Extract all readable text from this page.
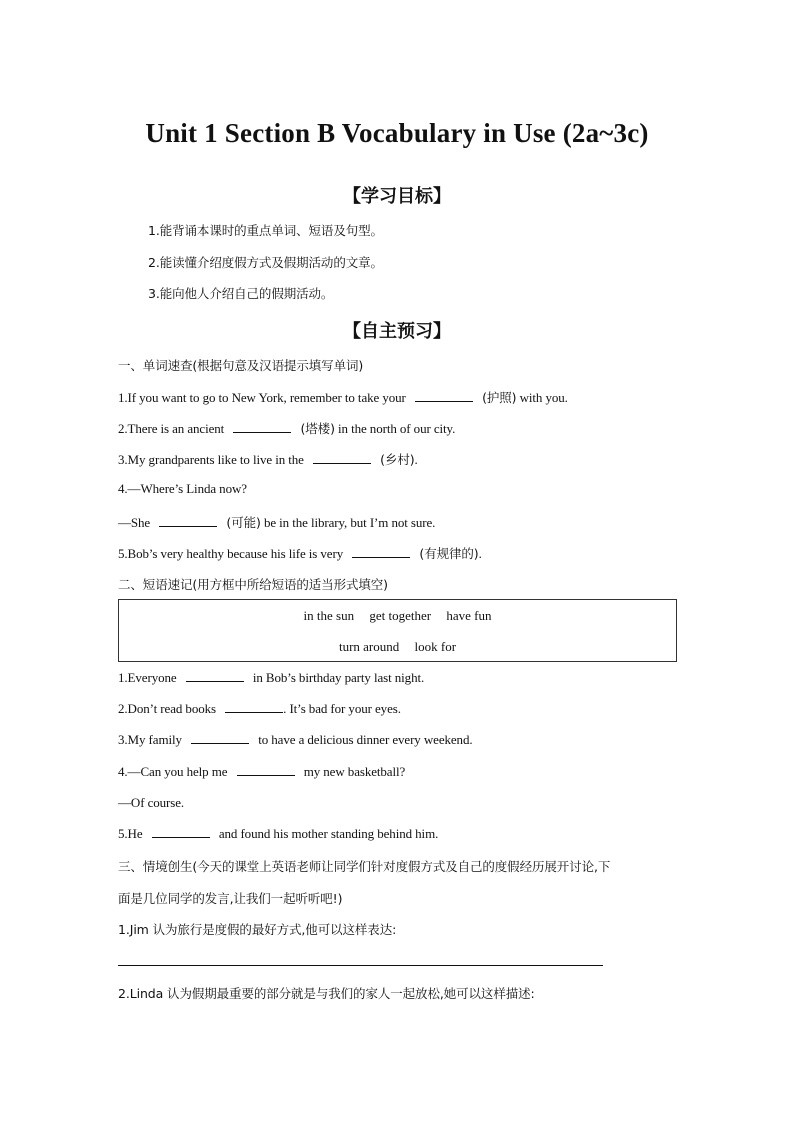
Unit 1 Section B Vocabulary in Use (2a~3c)
【学习目标】
1.能背诵本课时的重点单词、短语及句型。
2.能读懂介绍度假方式及假期活动的文章。
3.能向他人介绍自己的假期活动。
【自主预习】
一、单词速查(根据句意及汉语提示填写单词)
1.If you want to go to New York, remember to take your	(护照) with you.
2.There is an ancient	(塔楼) in the north of our city.
3.My grandparents like to live in the	(乡村).
4.—Where’s Linda now?
—She	(可能) be in the library, but I’m not sure.
5.Bob’s very healthy because his life is very	(有规律的).
二、短语速记(用方框中所给短语的适当形式填空)
in the sun get together have fun
turn around look for
1.Everyone	in Bob’s birthday party last night.
2.Don’t read books	. It’s bad for your eyes.
3.My family	to have a delicious dinner every weekend.
4.—Can you help me	my new basketball?
—Of course.
5.He	and found his mother standing behind him.
三、情境创生(今天的课堂上英语老师让同学们针对度假方式及自己的度假经历展开讨论,下
面是几位同学的发言,让我们一起听听吧!)
1.Jim 认为旅行是度假的最好方式,他可以这样表达:
2.Linda 认为假期最重要的部分就是与我们的家人一起放松,她可以这样描述:
